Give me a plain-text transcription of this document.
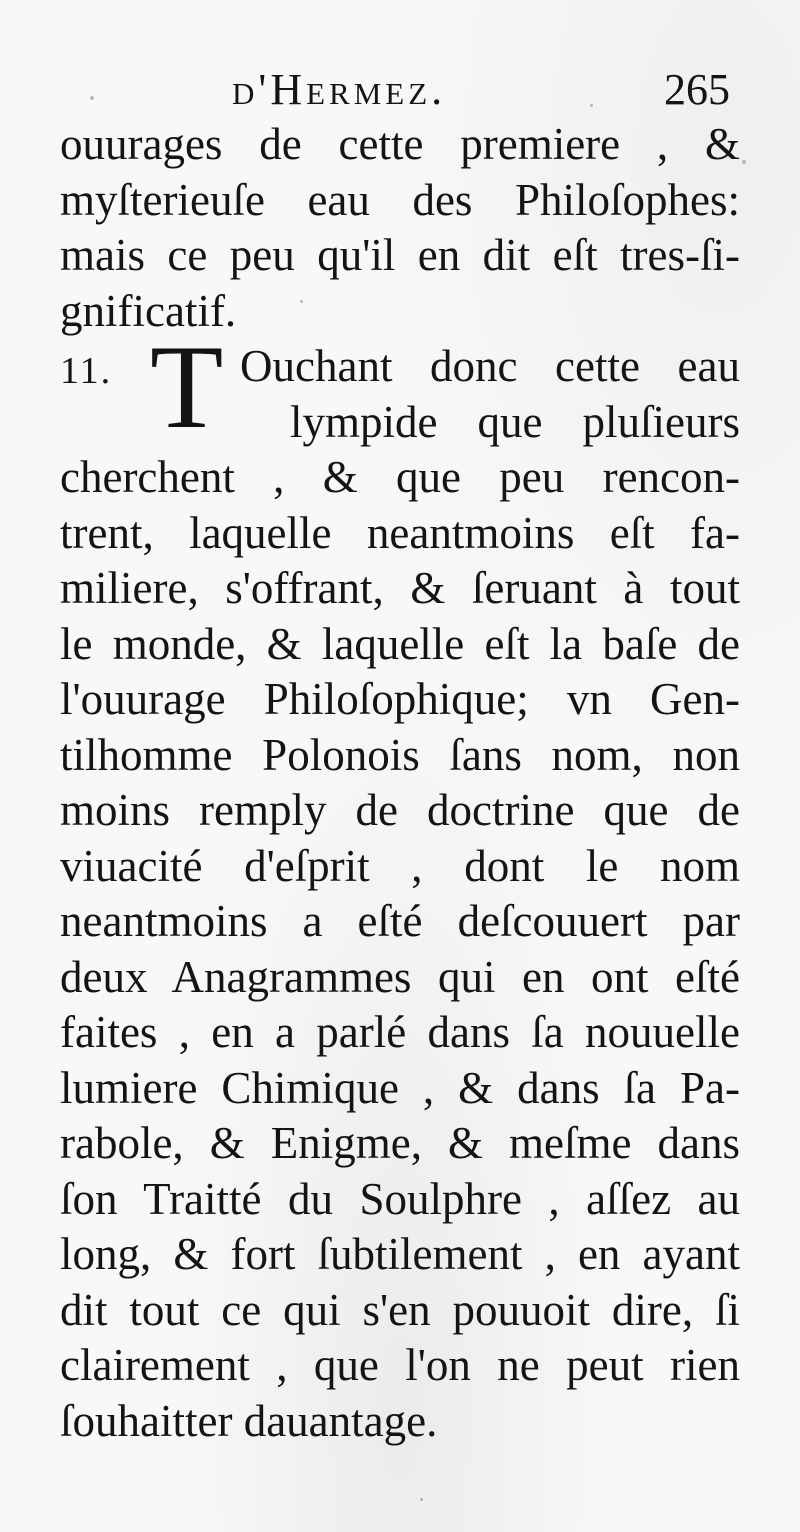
d'Hermez.	265
11. T
ouurages de cette premiere , &
myſterieuſe eau des Philoſophes:
mais ce peu qu'il en dit eſt tres-ſi-
gnificatif.
Ouchant donc cette eau
lympide que pluſieurs
cherchent , & que peu rencon-
trent, laquelle neantmoins eſt fa-
miliere, s'offrant, & ſeruant à tout
le monde, & laquelle eſt la baſe de
l'ouurage Philoſophique; vn Gen-
tilhomme Polonois ſans nom, non
moins remply de doctrine que de
viuacité d'eſprit , dont le nom
neantmoins a eſté deſcouuert par
deux Anagrammes qui en ont eſté
faites , en a parlé dans ſa nouuelle
lumiere Chimique , & dans ſa Pa-
rabole, & Enigme, & meſme dans
ſon Traitté du Soulphre , aſſez au
long, & fort ſubtilement , en ayant
dit tout ce qui s'en pouuoit dire, ſi
clairement , que l'on ne peut rien
ſouhaitter dauantage.
